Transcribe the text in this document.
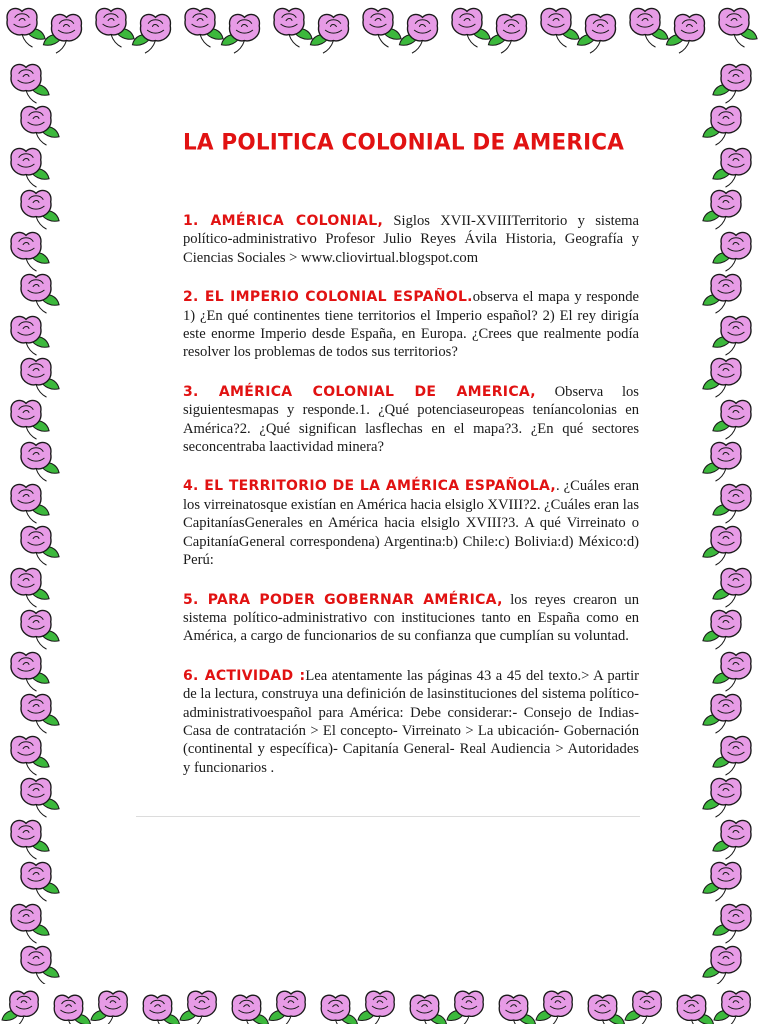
LA POLITICA COLONIAL DE AMERICA

1. AMÉRICA COLONIAL, Siglos XVII-XVIIITerritorio y sistema político-administrativo Profesor Julio Reyes Ávila Historia, Geografía y Ciencias Sociales > www.cliovirtual.blogspot.com

2. EL IMPERIO COLONIAL ESPAÑOL.observa el mapa y responde 1) ¿En qué continentes tiene territorios el Imperio español? 2) El rey dirigía este enorme Imperio desde España, en Europa. ¿Crees que realmente podía resolver los problemas de todos sus territorios?

3. AMÉRICA COLONIAL DE AMERICA, Observa los siguientesmapas y responde.1. ¿Qué potenciaseuropeas teníancolonias en América?2. ¿Qué significan lasflechas en el mapa?3. ¿En qué sectores seconcentraba laactividad minera?

4. EL TERRITORIO DE LA AMÉRICA ESPAÑOLA,. ¿Cuáles eran los virreinatosque existían en América hacia elsiglo XVIII?2. ¿Cuáles eran las CapitaníasGenerales en América hacia elsiglo XVIII?3. A qué Virreinato o CapitaníaGeneral correspondena) Argentina:b) Chile:c) Bolivia:d) México:d) Perú:

5. PARA PODER GOBERNAR AMÉRICA, los reyes crearon un sistema político-administrativo con instituciones tanto en España como en América, a cargo de funcionarios de su confianza que cumplían su voluntad.

6. ACTIVIDAD :Lea atentamente las páginas 43 a 45 del texto.> A partir de la lectura, construya una definición de lasinstituciones del sistema político-administrativoespañol para América: Debe considerar:- Consejo de Indias- Casa de contratación > El concepto- Virreinato > La ubicación- Gobernación (continental y específica)- Capitanía General- Real Audiencia > Autoridades y funcionarios .
